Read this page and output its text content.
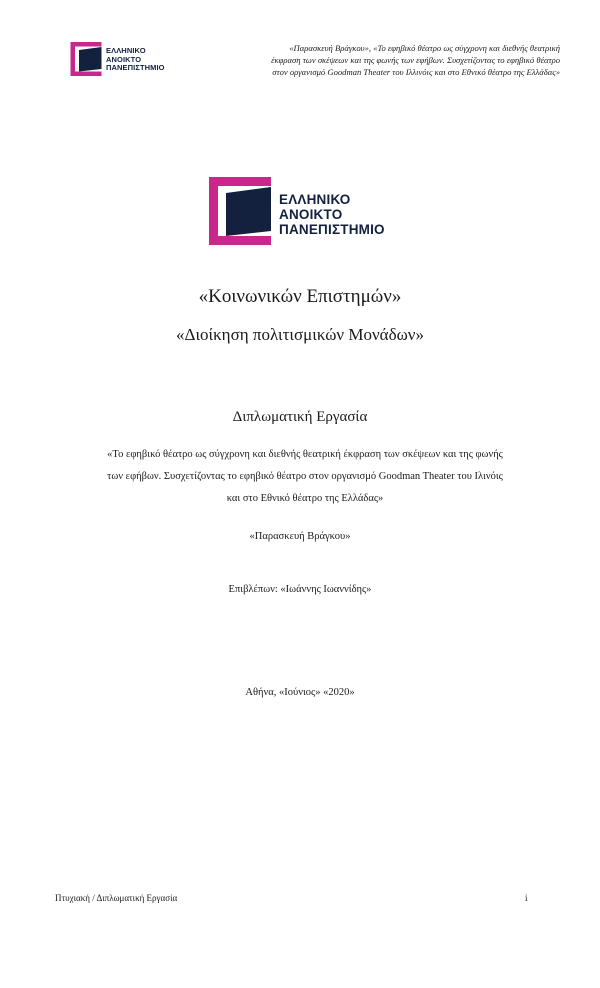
ΕΛΛΗΝΙΚΟ
ΑΝΟΙΚΤΟ
ΠΑΝΕΠΙΣΤΗΜΙΟ
«Παρασκευή Βράγκου», «Το εφηβικό θέατρο ως σύγχρονη και διεθνής θεατρική
έκφραση των σκέψεων και της φωνής των εφήβων. Συσχετίζοντας το εφηβικό θέατρο
στον οργανισμό Goodman Theater του Ιλλινόις και στο Εθνικό θέατρο της Ελλάδας»
ΕΛΛΗΝΙΚΟ
ΑΝΟΙΚΤΟ
ΠΑΝΕΠΙΣΤΗΜΙΟ
«Κοινωνικών Επιστημών»
«Διοίκηση πολιτισμικών Μονάδων»
Διπλωματική Εργασία
«Το εφηβικό θέατρο ως σύγχρονη και διεθνής θεατρική έκφραση των σκέψεων και της φωνής
των εφήβων. Συσχετίζοντας το εφηβικό θέατρο στον οργανισμό Goodman Theater του Ιλινόις
και στο Εθνικό θέατρο της Ελλάδας»
«Παρασκευή Βράγκου»
Επιβλέπων: «Ιωάννης Ιωαννίδης»
Αθήνα, «Ιούνιος» «2020»
Πτυχιακή / Διπλωματική Εργασία	i
